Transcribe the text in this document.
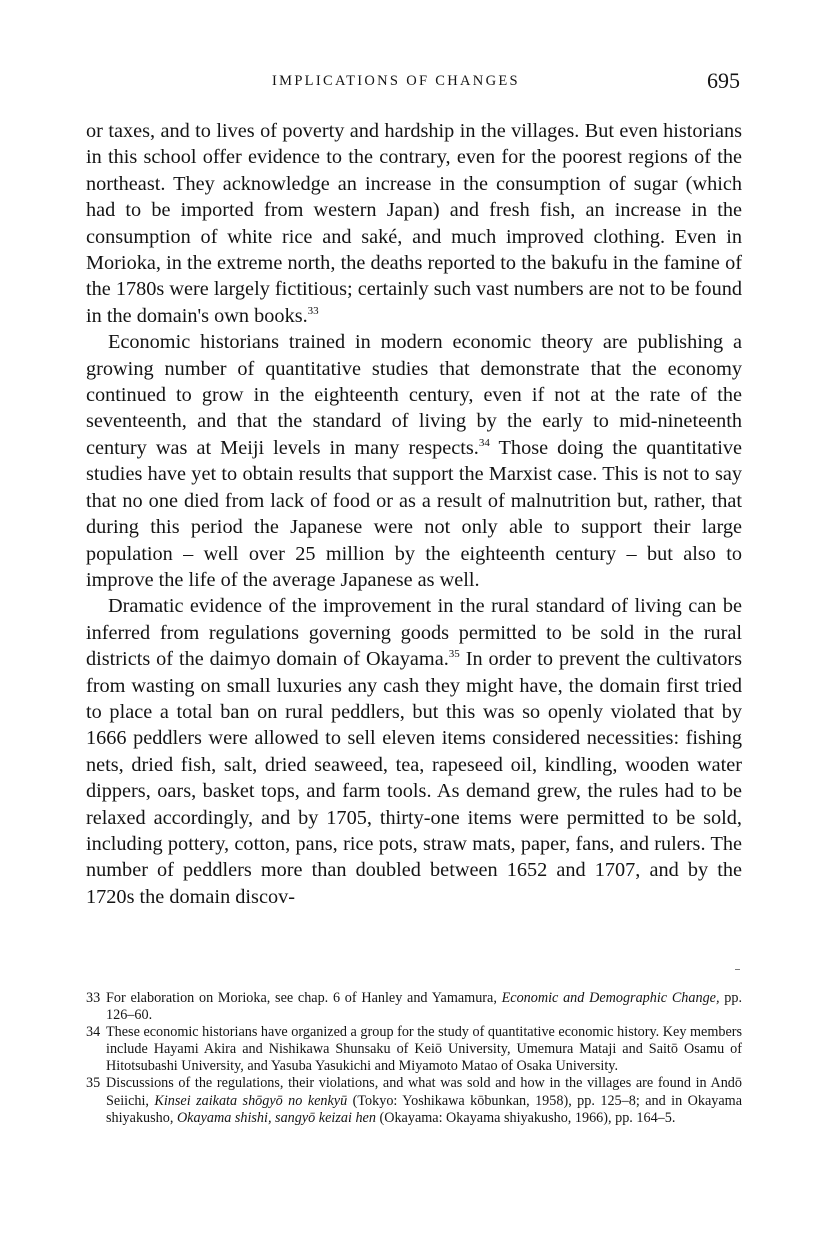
IMPLICATIONS OF CHANGES	695

or taxes, and to lives of poverty and hardship in the villages. But even historians in this school offer evidence to the contrary, even for the poorest regions of the northeast. They acknowledge an increase in the consumption of sugar (which had to be imported from western Japan) and fresh fish, an increase in the consumption of white rice and saké, and much improved clothing. Even in Morioka, in the extreme north, the deaths reported to the bakufu in the famine of the 1780s were largely fictitious; certainly such vast numbers are not to be found in the domain's own books.$^{33}$

Economic historians trained in modern economic theory are publishing a growing number of quantitative studies that demonstrate that the economy continued to grow in the eighteenth century, even if not at the rate of the seventeenth, and that the standard of living by the early to mid-nineteenth century was at Meiji levels in many respects.$^{34}$ Those doing the quantitative studies have yet to obtain results that support the Marxist case. This is not to say that no one died from lack of food or as a result of malnutrition but, rather, that during this period the Japanese were not only able to support their large population – well over 25 million by the eighteenth century – but also to improve the life of the average Japanese as well.

Dramatic evidence of the improvement in the rural standard of living can be inferred from regulations governing goods permitted to be sold in the rural districts of the daimyo domain of Okayama.$^{35}$ In order to prevent the cultivators from wasting on small luxuries any cash they might have, the domain first tried to place a total ban on rural peddlers, but this was so openly violated that by 1666 peddlers were allowed to sell eleven items considered necessities: fishing nets, dried fish, salt, dried seaweed, tea, rapeseed oil, kindling, wooden water dippers, oars, basket tops, and farm tools. As demand grew, the rules had to be relaxed accordingly, and by 1705, thirty-one items were permitted to be sold, including pottery, cotton, pans, rice pots, straw mats, paper, fans, and rulers. The number of peddlers more than doubled between 1652 and 1707, and by the 1720s the domain discov-

33 For elaboration on Morioka, see chap. 6 of Hanley and Yamamura, Economic and Demographic Change, pp. 126–60.
34 These economic historians have organized a group for the study of quantitative economic history. Key members include Hayami Akira and Nishikawa Shunsaku of Keiō University, Umemura Mataji and Saitō Osamu of Hitotsubashi University, and Yasuba Yasukichi and Miyamoto Matao of Osaka University.
35 Discussions of the regulations, their violations, and what was sold and how in the villages are found in Andō Seiichi, Kinsei zaikata shōgyō no kenkyū (Tokyo: Yoshikawa kōbunkan, 1958), pp. 125–8; and in Okayama shiyakusho, Okayama shishi, sangyō keizai hen (Okayama: Okayama shiyakusho, 1966), pp. 164–5.
